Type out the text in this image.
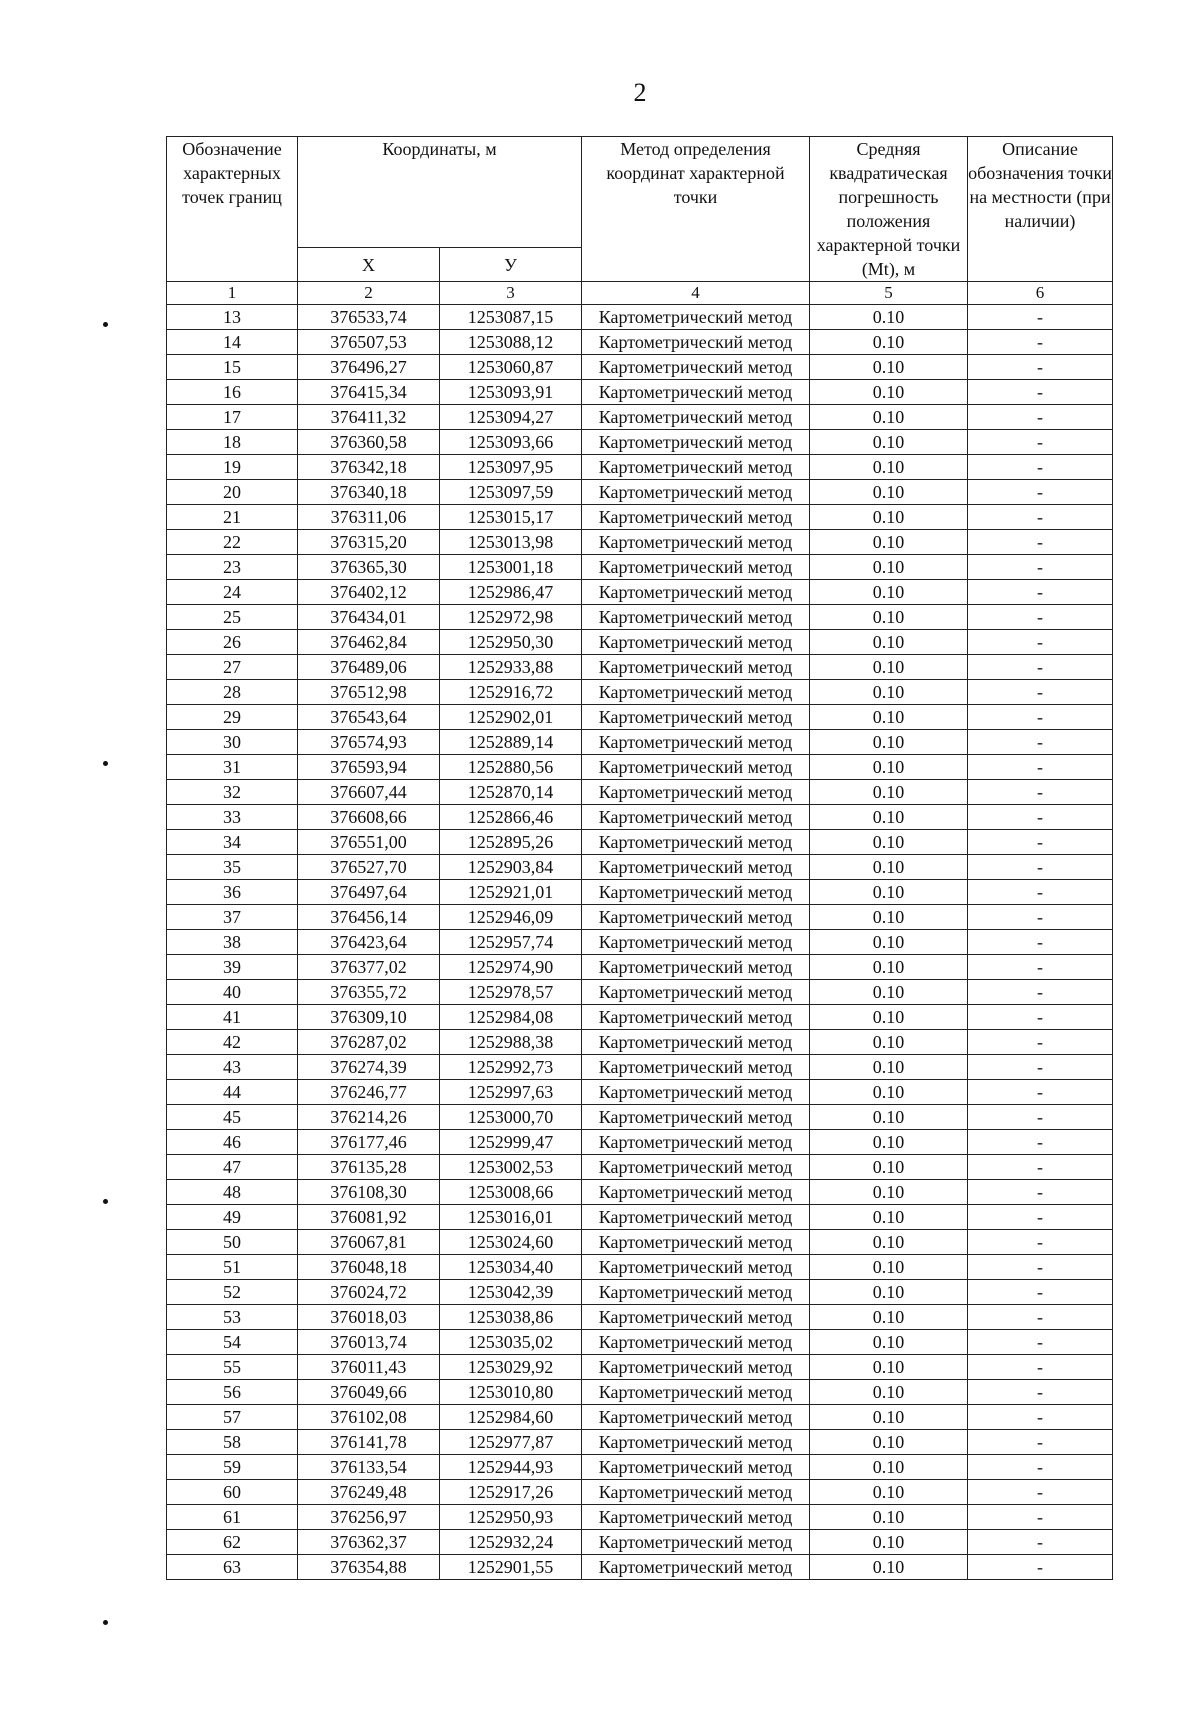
2
Обозначение характерных точек границ	Координаты, м		Метод определения координат характерной точки	Средняя квадратическая погрешность положения характерной точки (Mt), м	Описание обозначения точки на местности (при наличии)
	X	У			
1	2	3	4	5	6
13	376533,74	1253087,15	Картометрический метод	0.10	-
14	376507,53	1253088,12	Картометрический метод	0.10	-
15	376496,27	1253060,87	Картометрический метод	0.10	-
16	376415,34	1253093,91	Картометрический метод	0.10	-
17	376411,32	1253094,27	Картометрический метод	0.10	-
18	376360,58	1253093,66	Картометрический метод	0.10	-
19	376342,18	1253097,95	Картометрический метод	0.10	-
20	376340,18	1253097,59	Картометрический метод	0.10	-
21	376311,06	1253015,17	Картометрический метод	0.10	-
22	376315,20	1253013,98	Картометрический метод	0.10	-
23	376365,30	1253001,18	Картометрический метод	0.10	-
24	376402,12	1252986,47	Картометрический метод	0.10	-
25	376434,01	1252972,98	Картометрический метод	0.10	-
26	376462,84	1252950,30	Картометрический метод	0.10	-
27	376489,06	1252933,88	Картометрический метод	0.10	-
28	376512,98	1252916,72	Картометрический метод	0.10	-
29	376543,64	1252902,01	Картометрический метод	0.10	-
30	376574,93	1252889,14	Картометрический метод	0.10	-
31	376593,94	1252880,56	Картометрический метод	0.10	-
32	376607,44	1252870,14	Картометрический метод	0.10	-
33	376608,66	1252866,46	Картометрический метод	0.10	-
34	376551,00	1252895,26	Картометрический метод	0.10	-
35	376527,70	1252903,84	Картометрический метод	0.10	-
36	376497,64	1252921,01	Картометрический метод	0.10	-
37	376456,14	1252946,09	Картометрический метод	0.10	-
38	376423,64	1252957,74	Картометрический метод	0.10	-
39	376377,02	1252974,90	Картометрический метод	0.10	-
40	376355,72	1252978,57	Картометрический метод	0.10	-
41	376309,10	1252984,08	Картометрический метод	0.10	-
42	376287,02	1252988,38	Картометрический метод	0.10	-
43	376274,39	1252992,73	Картометрический метод	0.10	-
44	376246,77	1252997,63	Картометрический метод	0.10	-
45	376214,26	1253000,70	Картометрический метод	0.10	-
46	376177,46	1252999,47	Картометрический метод	0.10	-
47	376135,28	1253002,53	Картометрический метод	0.10	-
48	376108,30	1253008,66	Картометрический метод	0.10	-
49	376081,92	1253016,01	Картометрический метод	0.10	-
50	376067,81	1253024,60	Картометрический метод	0.10	-
51	376048,18	1253034,40	Картометрический метод	0.10	-
52	376024,72	1253042,39	Картометрический метод	0.10	-
53	376018,03	1253038,86	Картометрический метод	0.10	-
54	376013,74	1253035,02	Картометрический метод	0.10	-
55	376011,43	1253029,92	Картометрический метод	0.10	-
56	376049,66	1253010,80	Картометрический метод	0.10	-
57	376102,08	1252984,60	Картометрический метод	0.10	-
58	376141,78	1252977,87	Картометрический метод	0.10	-
59	376133,54	1252944,93	Картометрический метод	0.10	-
60	376249,48	1252917,26	Картометрический метод	0.10	-
61	376256,97	1252950,93	Картометрический метод	0.10	-
62	376362,37	1252932,24	Картометрический метод	0.10	-
63	376354,88	1252901,55	Картометрический метод	0.10	-
